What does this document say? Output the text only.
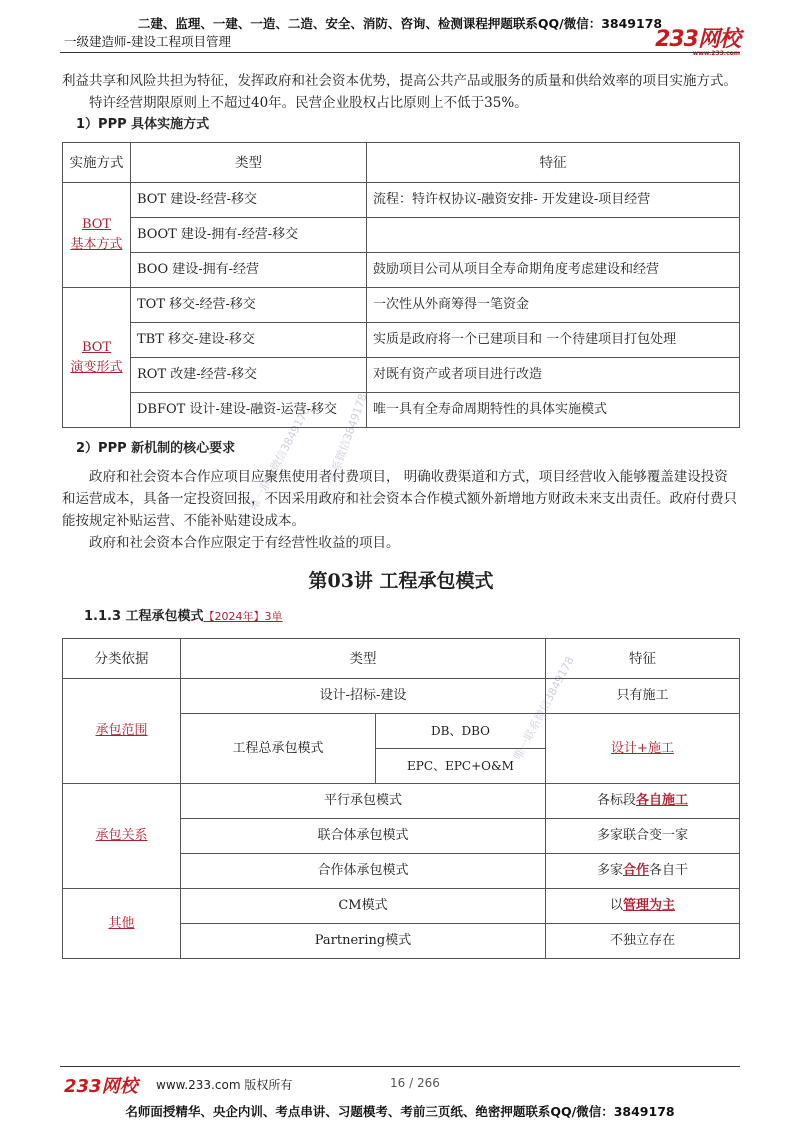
二建、监理、一建、一造、二造、安全、消防、咨询、检测课程押题联系QQ/微信：3849178
一级建造师-建设工程项目管理	233网校
www.233.com
唯一联系微信3849178
唯一联系微信3849178
唯一联系微信3849178

利益共享和风险共担为特征，发挥政府和社会资本优势，提高公共产品或服务的质量和供给效率的项目实施方式。

特许经营期限原则上不超过40年。民营企业股权占比原则上不低于35%。

1）PPP 具体实施方式

实施方式	类型	特征
BOT
基本方式	BOT 建设-经营-移交	流程：特许权协议-融资安排- 开发建设-项目经营
	BOOT 建设-拥有-经营-移交	
	BOO 建设-拥有-经营	鼓励项目公司从项目全寿命期角度考虑建设和经营
BOT
演变形式	TOT 移交-经营-移交	一次性从外商筹得一笔资金
	TBT 移交-建设-移交	实质是政府将一个已建项目和 一个待建项目打包处理
	ROT 改建-经营-移交	对既有资产或者项目进行改造
	DBFOT 设计-建设-融资-运营-移交	唯一具有全寿命周期特性的具体实施模式

2）PPP 新机制的核心要求

政府和社会资本合作应项目应聚焦使用者付费项目， 明确收费渠道和方式，项目经营收入能够覆盖建设投资和运营成本，具备一定投资回报，不因采用政府和社会资本合作模式额外新增地方财政未来支出责任。政府付费只能按规定补贴运营、不能补贴建设成本。

政府和社会资本合作应限定于有经营性收益的项目。

第03讲 工程承包模式

1.1.3 工程承包模式【2024年】3单

分类依据	类型		特征
承包范围	设计-招标-建设		只有施工
	工程总承包模式	DB、DBO	设计+施工
		EPC、EPC+O&M	
承包关系	平行承包模式		各标段各自施工
	联合体承包模式		多家联合变一家
	合作体承包模式		多家合作各自干
其他	CM模式		以管理为主
	Partnering模式		不独立存在
233网校 www.233.com 版权所有	16 / 266
名师面授精华、央企内训、考点串讲、习题模考、考前三页纸、绝密押题联系QQ/微信：3849178
